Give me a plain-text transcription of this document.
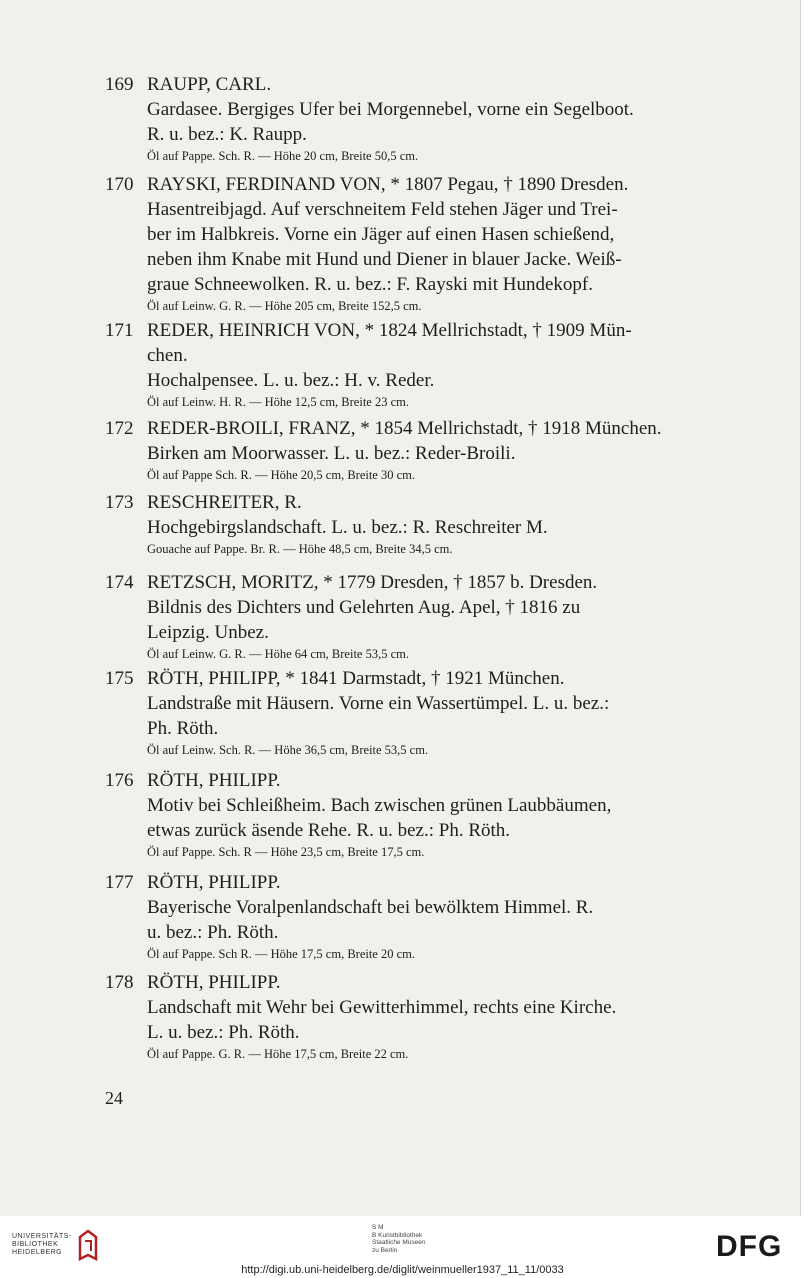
169 RAUPP, CARL.
Gardasee. Bergiges Ufer bei Morgennebel, vorne ein Segelboot.
R. u. bez.: K. Raupp.
Öl auf Pappe. Sch. R. — Höhe 20 cm, Breite 50,5 cm.
170 RAYSKI, FERDINAND VON, * 1807 Pegau, † 1890 Dresden.
Hasentreibjagd. Auf verschneitem Feld stehen Jäger und Trei-
ber im Halbkreis. Vorne ein Jäger auf einen Hasen schießend,
neben ihm Knabe mit Hund und Diener in blauer Jacke. Weiß-
graue Schneewolken. R. u. bez.: F. Rayski mit Hundekopf.
Öl auf Leinw. G. R. — Höhe 205 cm, Breite 152,5 cm.
171 REDER, HEINRICH VON, * 1824 Mellrichstadt, † 1909 Mün-
chen.
Hochalpensee. L. u. bez.: H. v. Reder.
Öl auf Leinw. H. R. — Höhe 12,5 cm, Breite 23 cm.
172 REDER-BROILI, FRANZ, * 1854 Mellrichstadt, † 1918 München.
Birken am Moorwasser. L. u. bez.: Reder-Broili.
Öl auf Pappe Sch. R. — Höhe 20,5 cm, Breite 30 cm.
173 RESCHREITER, R.
Hochgebirgslandschaft. L. u. bez.: R. Reschreiter M.
Gouache auf Pappe. Br. R. — Höhe 48,5 cm, Breite 34,5 cm.
174 RETZSCH, MORITZ, * 1779 Dresden, † 1857 b. Dresden.
Bildnis des Dichters und Gelehrten Aug. Apel, † 1816 zu
Leipzig. Unbez.
Öl auf Leinw. G. R. — Höhe 64 cm, Breite 53,5 cm.
175 RÖTH, PHILIPP, * 1841 Darmstadt, † 1921 München.
Landstraße mit Häusern. Vorne ein Wassertümpel. L. u. bez.:
Ph. Röth.
Öl auf Leinw. Sch. R. — Höhe 36,5 cm, Breite 53,5 cm.
176 RÖTH, PHILIPP.
Motiv bei Schleißheim. Bach zwischen grünen Laubbäumen,
etwas zurück äsende Rehe. R. u. bez.: Ph. Röth.
Öl auf Pappe. Sch. R — Höhe 23,5 cm, Breite 17,5 cm.
177 RÖTH, PHILIPP.
Bayerische Voralpenlandschaft bei bewölktem Himmel. R.
u. bez.: Ph. Röth.
Öl auf Pappe. Sch R. — Höhe 17,5 cm, Breite 20 cm.
178 RÖTH, PHILIPP.
Landschaft mit Wehr bei Gewitterhimmel, rechts eine Kirche.
L. u. bez.: Ph. Röth.
Öl auf Pappe. G. R. — Höhe 17,5 cm, Breite 22 cm.
24
UNIVERSITÄTS-
BIBLIOTHEK
HEIDELBERG
S M
B Kunstbibliothek
Staatliche Museen
zu Berlin	DFG
http://digi.ub.uni-heidelberg.de/diglit/weinmueller1937_11_11/0033
